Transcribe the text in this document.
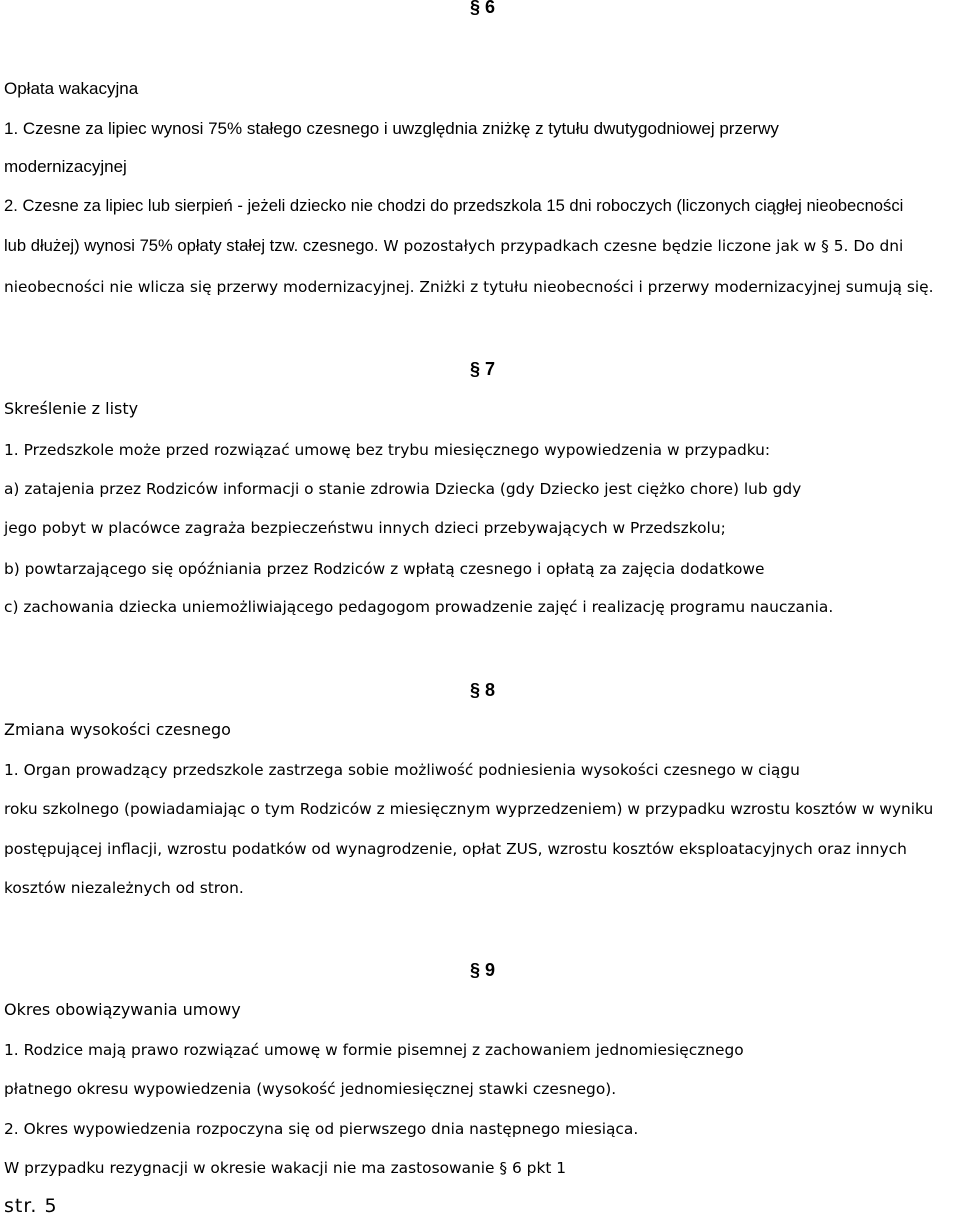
§ 6

Opłata wakacyjna

1. Czesne za lipiec wynosi 75% stałego czesnego i uwzględnia zniżkę z tytułu dwutygodniowej przerwy

modernizacyjnej

2. Czesne za lipiec lub sierpień - jeżeli dziecko nie chodzi do przedszkola 15 dni roboczych (liczonych ciągłej nieobecności

lub dłużej) wynosi 75% opłaty stałej tzw. czesnego. W pozostałych przypadkach czesne będzie liczone jak w § 5. Do dni

nieobecności nie wlicza się przerwy modernizacyjnej. Zniżki z tytułu nieobecności i przerwy modernizacyjnej sumują się.

§ 7

Skreślenie z listy

1. Przedszkole może przed rozwiązać umowę bez trybu miesięcznego wypowiedzenia w przypadku:

a) zatajenia przez Rodziców informacji o stanie zdrowia Dziecka (gdy Dziecko jest ciężko chore) lub gdy

jego pobyt w placówce zagraża bezpieczeństwu innych dzieci przebywających w Przedszkolu;

b) powtarzającego się opóźniania przez Rodziców z wpłatą czesnego i opłatą za zajęcia dodatkowe

c) zachowania dziecka uniemożliwiającego pedagogom prowadzenie zajęć i realizację programu nauczania.

§ 8

Zmiana wysokości czesnego

1. Organ prowadzący przedszkole zastrzega sobie możliwość podniesienia wysokości czesnego w ciągu

roku szkolnego (powiadamiając o tym Rodziców z miesięcznym wyprzedzeniem) w przypadku wzrostu kosztów w wyniku

postępującej inflacji, wzrostu podatków od wynagrodzenie, opłat ZUS, wzrostu kosztów eksploatacyjnych oraz innych

kosztów niezależnych od stron.

§ 9

Okres obowiązywania umowy

1. Rodzice mają prawo rozwiązać umowę w formie pisemnej z zachowaniem jednomiesięcznego

płatnego okresu wypowiedzenia (wysokość jednomiesięcznej stawki czesnego).

2. Okres wypowiedzenia rozpoczyna się od pierwszego dnia następnego miesiąca.

W przypadku rezygnacji w okresie wakacji nie ma zastosowanie § 6 pkt 1

str. 5
